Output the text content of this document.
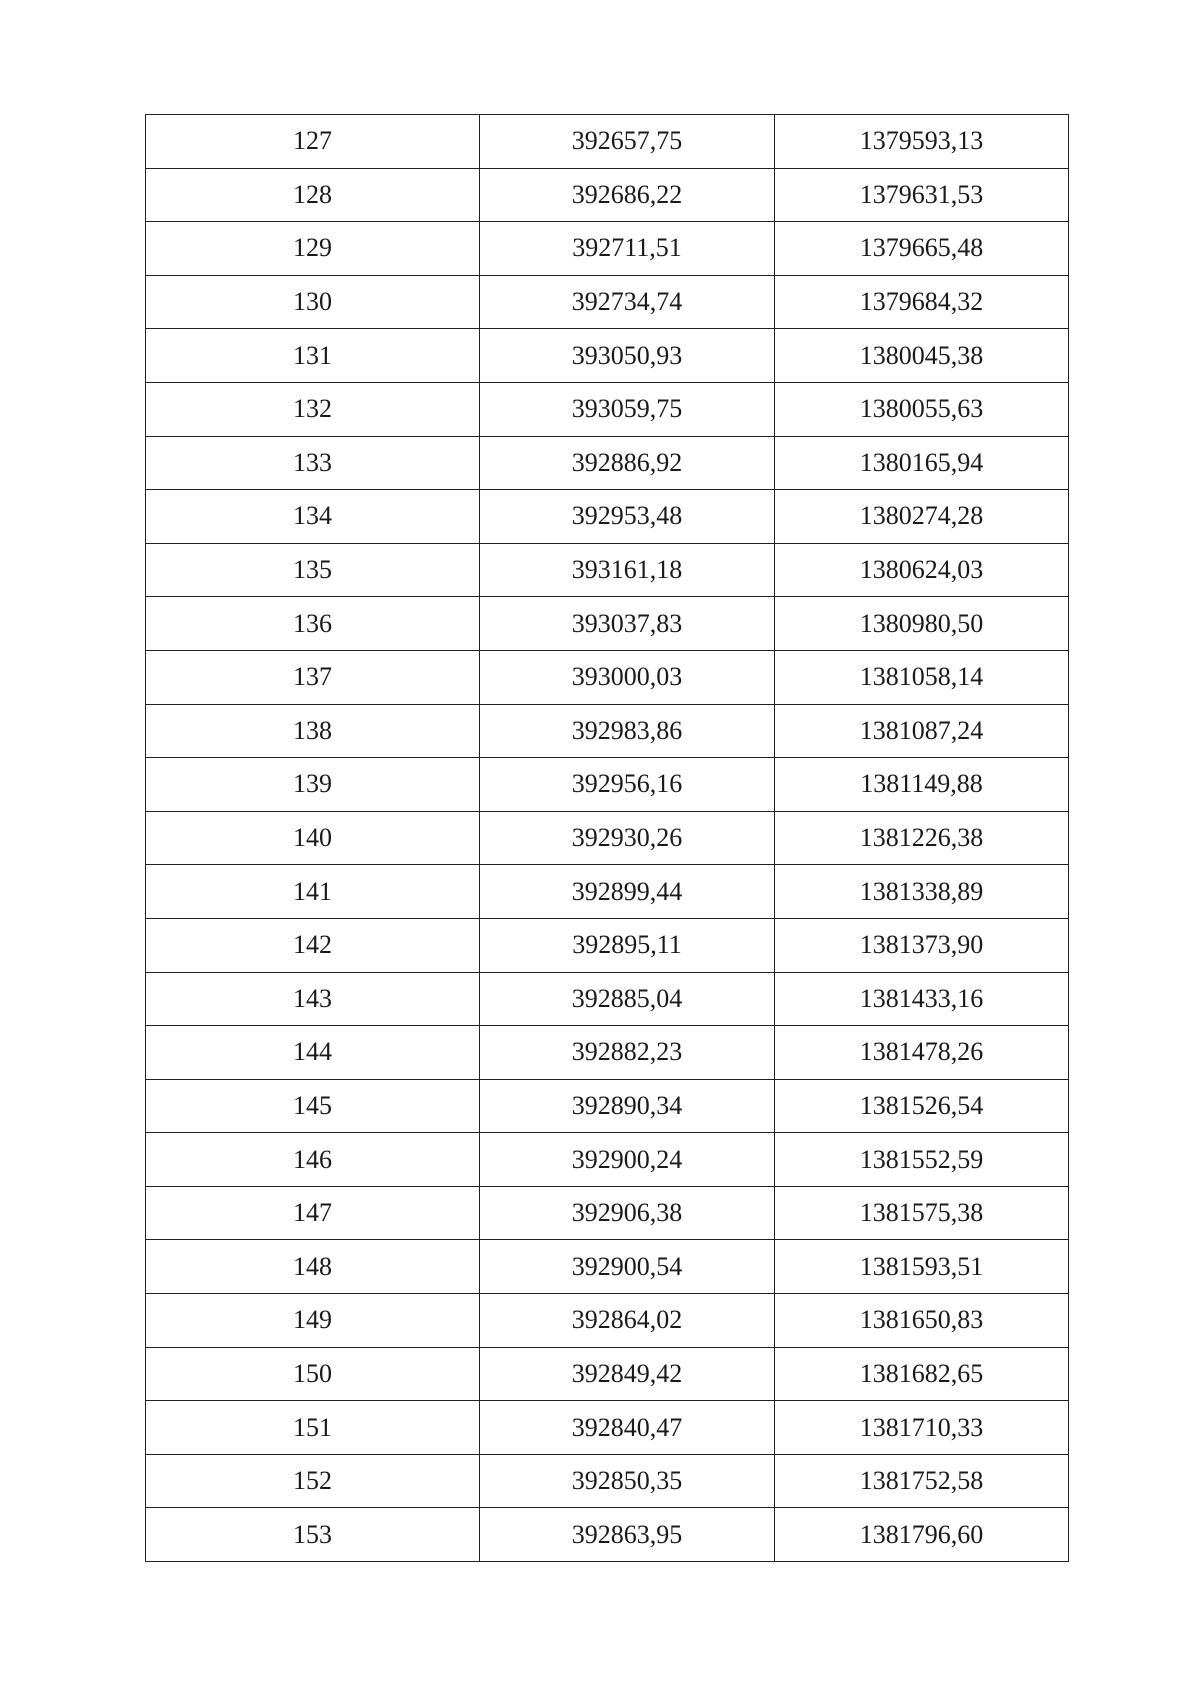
127	392657,75	1379593,13
128	392686,22	1379631,53
129	392711,51	1379665,48
130	392734,74	1379684,32
131	393050,93	1380045,38
132	393059,75	1380055,63
133	392886,92	1380165,94
134	392953,48	1380274,28
135	393161,18	1380624,03
136	393037,83	1380980,50
137	393000,03	1381058,14
138	392983,86	1381087,24
139	392956,16	1381149,88
140	392930,26	1381226,38
141	392899,44	1381338,89
142	392895,11	1381373,90
143	392885,04	1381433,16
144	392882,23	1381478,26
145	392890,34	1381526,54
146	392900,24	1381552,59
147	392906,38	1381575,38
148	392900,54	1381593,51
149	392864,02	1381650,83
150	392849,42	1381682,65
151	392840,47	1381710,33
152	392850,35	1381752,58
153	392863,95	1381796,60
